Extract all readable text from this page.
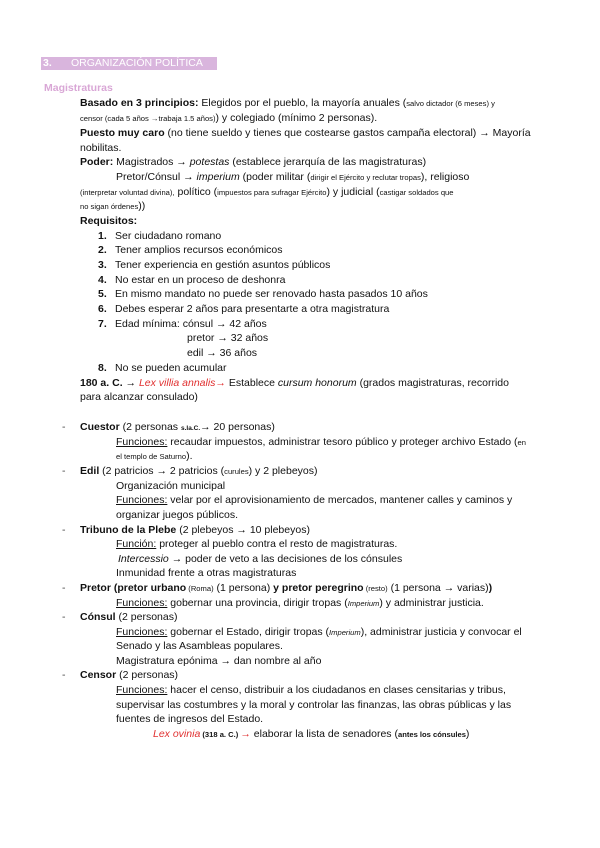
3. ORGANIZACIÓN POLÍTICA
Magistraturas
Basado en 3 principios: Elegidos por el pueblo, la mayoría anuales (salvo dictador (6 meses) y
censor (cada 5 años →trabaja 1.5 años)) y colegiado (mínimo 2 personas).
Puesto muy caro (no tiene sueldo y tienes que costearse gastos campaña electoral) → Mayoría
nobilitas.
Poder: Magistrados → potestas (establece jerarquía de las magistraturas)
Pretor/Cónsul → imperium (poder militar (dirigir el Ejército y reclutar tropas), religioso
(interpretar voluntad divina), político (impuestos para sufragar Ejército) y judicial (castigar soldados que
no sigan órdenes))
Requisitos:
1. Ser ciudadano romano
2. Tener amplios recursos económicos
3. Tener experiencia en gestión asuntos públicos
4. No estar en un proceso de deshonra
5. En mismo mandato no puede ser renovado hasta pasados 10 años
6. Debes esperar 2 años para presentarte a otra magistratura
7. Edad mínima: cónsul → 42 años
pretor → 32 años
edil → 36 años
8. No se pueden acumular
180 a. C. → Lex villia annalis→ Establece cursum honorum (grados magistraturas, recorrido
para alcanzar consulado)
- Cuestor (2 personas s.Ia.C.→ 20 personas)
Funciones: recaudar impuestos, administrar tesoro público y proteger archivo Estado (en
el templo de Saturno).
- Edil (2 patricios → 2 patricios (curules) y 2 plebeyos)
Organización municipal
Funciones: velar por el aprovisionamiento de mercados, mantener calles y caminos y
organizar juegos públicos.
- Tribuno de la Plebe (2 plebeyos → 10 plebeyos)
Función: proteger al pueblo contra el resto de magistraturas.
Intercessio → poder de veto a las decisiones de los cónsules
Inmunidad frente a otras magistraturas
- Pretor (pretor urbano (Roma) (1 persona) y pretor peregrino (resto) (1 persona → varias))
Funciones: gobernar una provincia, dirigir tropas (Imperium) y administrar justicia.
- Cónsul (2 personas)
Funciones: gobernar el Estado, dirigir tropas (Imperium), administrar justicia y convocar el
Senado y las Asambleas populares.
Magistratura epónima → dan nombre al año
- Censor (2 personas)
Funciones: hacer el censo, distribuir a los ciudadanos en clases censitarias y tribus,
supervisar las costumbres y la moral y controlar las finanzas, las obras públicas y las
fuentes de ingresos del Estado.
Lex ovinia (318 a. C.) → elaborar la lista de senadores (antes los cónsules)
